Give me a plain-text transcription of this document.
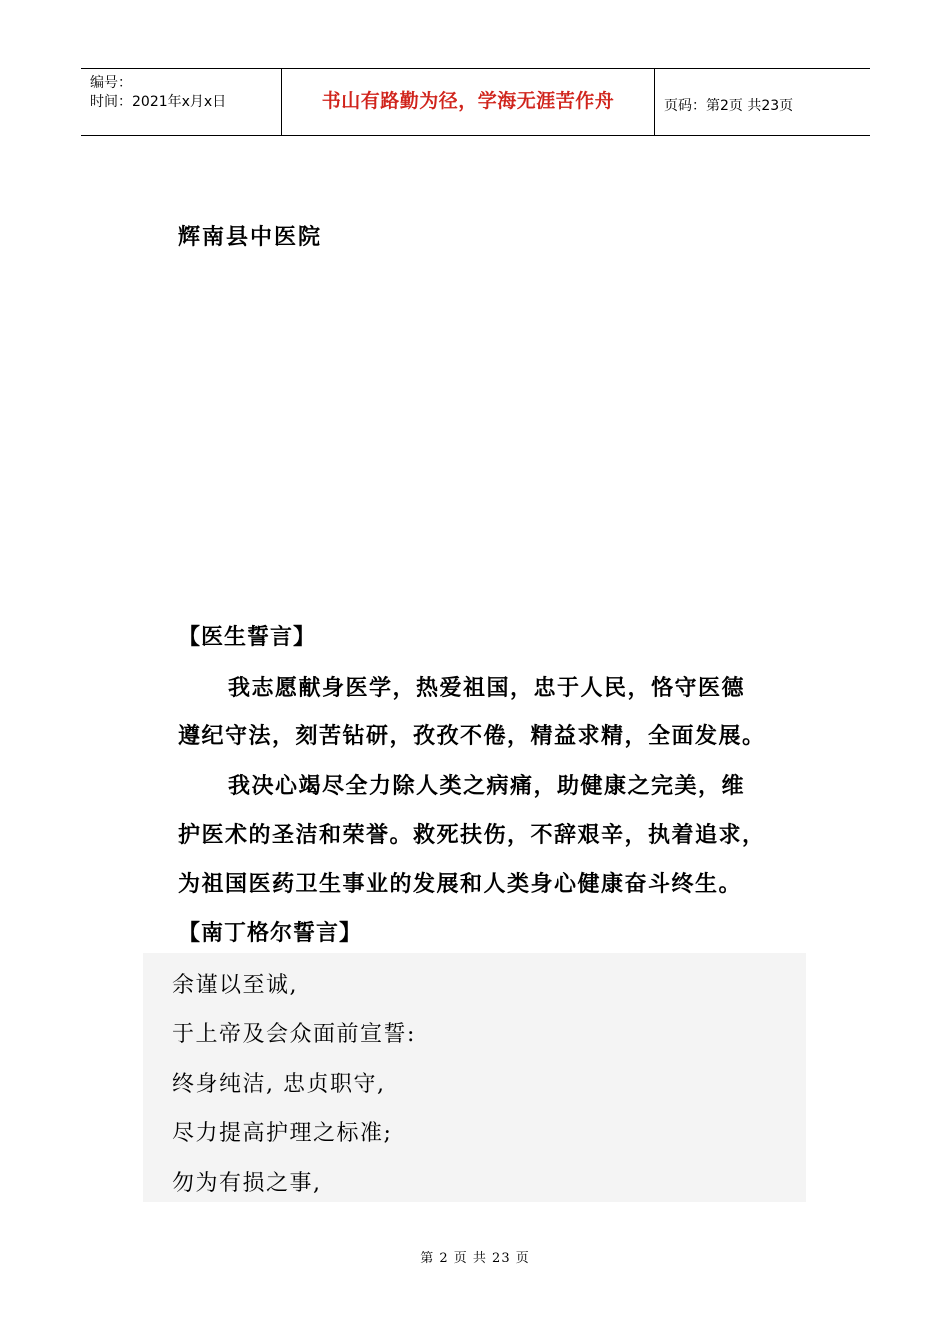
编号：
时间：2021年x月x日	书山有路勤为径，学海无涯苦作舟	页码：第2页 共23页
辉南县中医院
【医生誓言】
我志愿献身医学，热爱祖国，忠于人民，恪守医德
遵纪守法，刻苦钻研，孜孜不倦，精益求精，全面发展。
我决心竭尽全力除人类之病痛，助健康之完美，维
护医术的圣洁和荣誉。救死扶伤，不辞艰辛，执着追求，
为祖国医药卫生事业的发展和人类身心健康奋斗终生。
【南丁格尔誓言】
余谨以至诚,
于上帝及会众面前宣誓:
终身纯洁, 忠贞职守,
尽力提高护理之标准;
勿为有损之事,
第 2 页 共 23 页
